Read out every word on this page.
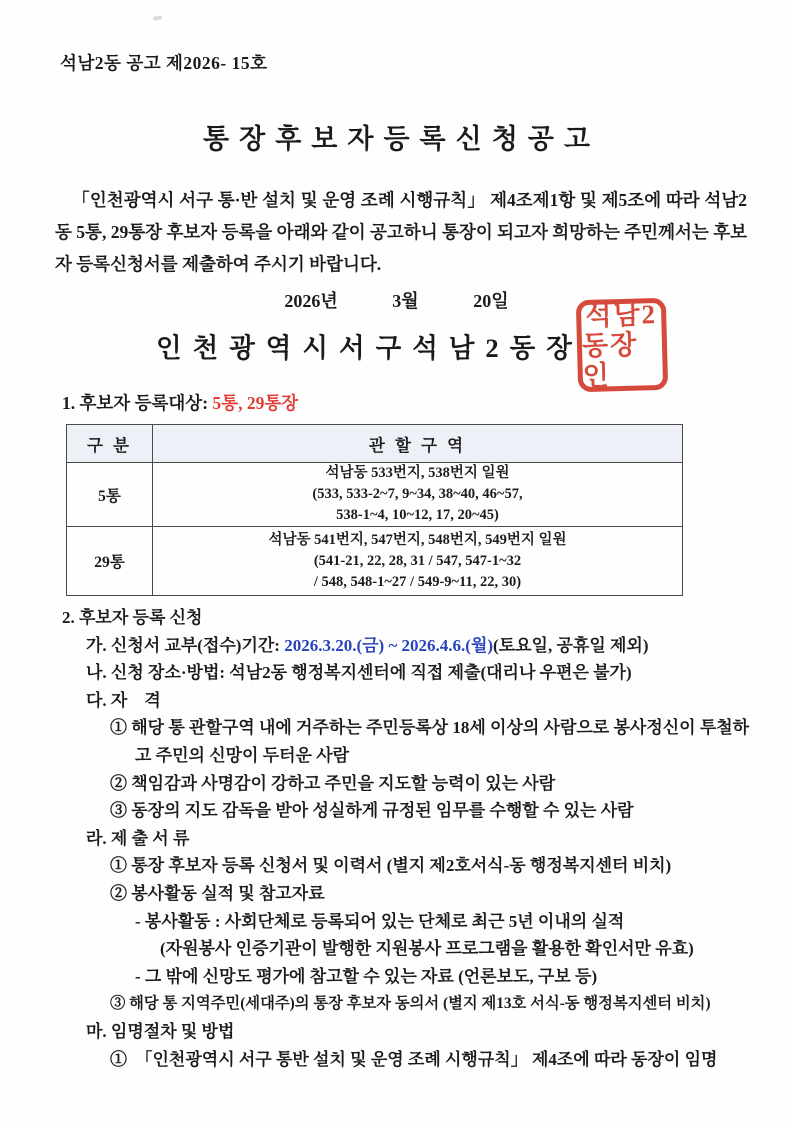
석남2동 공고 제2026- 15호
통장후보자등록신청공고
「인천광역시 서구 통·반 설치 및 운영 조례 시행규칙」 제4조제1항 및 제5조에 따라 석남2동 5통, 29통장 후보자 등록을 아래와 같이 공고하니 통장이 되고자 희망하는 주민께서는 후보자 등록신청서를 제출하여 주시기 바랍니다.
2026년	3월	20일
인천광역시서구석남2동장
석남2
동장인
1. 후보자 등록대상: 5통, 29통장
구 분	관 할 구 역
5통	석남동 533번지, 538번지 일원
(533, 533-2~7, 9~34, 38~40, 46~57,
538-1~4, 10~12, 17, 20~45)

29통	석남동 541번지, 547번지, 548번지, 549번지 일원
(541-21, 22, 28, 31 / 547, 547-1~32
/ 548, 548-1~27 / 549-9~11, 22, 30)
2. 후보자 등록 신청
가. 신청서 교부(접수)기간: 2026.3.20.(금) ~ 2026.4.6.(월)(토요일, 공휴일 제외)
나. 신청 장소·방법: 석남2동 행정복지센터에 직접 제출(대리나 우편은 불가)
다. 자    격
① 해당 통 관할구역 내에 거주하는 주민등록상 18세 이상의 사람으로 봉사정신이 투철하고 주민의 신망이 두터운 사람
② 책임감과 사명감이 강하고 주민을 지도할 능력이 있는 사람
③ 동장의 지도 감독을 받아 성실하게 규정된 임무를 수행할 수 있는 사람
라. 제 출 서 류
① 통장 후보자 등록 신청서 및 이력서 (별지 제2호서식-동 행정복지센터 비치)
② 봉사활동 실적 및 참고자료
- 봉사활동 : 사회단체로 등록되어 있는 단체로 최근 5년 이내의 실적
(자원봉사 인증기관이 발행한 지원봉사 프로그램을 활용한 확인서만 유효)
- 그 밖에 신망도 평가에 참고할 수 있는 자료 (언론보도, 구보 등)
③ 해당 통 지역주민(세대주)의 통장 후보자 동의서 (별지 제13호 서식-동 행정복지센터 비치)
마. 임명절차 및 방법
①  「인천광역시 서구 통반 설치 및 운영 조례 시행규칙」 제4조에 따라 동장이 임명
